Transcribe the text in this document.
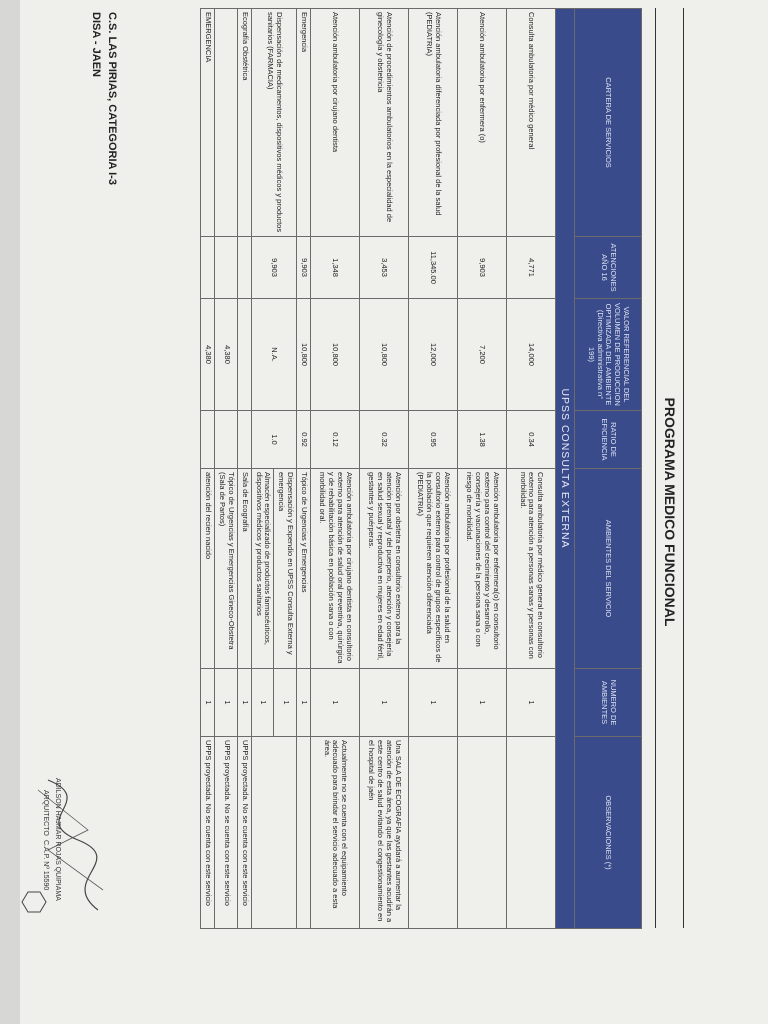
C.S. LAS PIRIAS, CATEGORIA I-3
DISA - JAEN
PROGRAMA MEDICO FUNCIONAL
CARTERA DE SERVICIOS	ATENCIONES AÑO 16	VALOR REFERENCIAL DEL VOLUMEN DE PRODUCCION OPTIMIZADA DEL AMBIENTE (Directiva administrativa n° 199)	RATIO DE EFICIENCIA	AMBIENTES DEL SERVICIO	NUMERO DE AMBIENTES	OBSERVACIONES (*)
UPSS CONSULTA EXTERNA						
Consulta ambulatoria por médico general	4,771	14,000	0.34	Consulta ambulatoria por médico general en consultorio externo para atención a personas sanas y personas con morbilidad.	1	
Atención ambulatoria por enfermera (o)	9,903	7,200	1.38	Atención ambulatoria por enfermera(o) en consultorio externo para control del crecimiento y desarrollo, consejería y vacunaciones de la persona sana o con riesgo de morbilidad.	1	
Atención ambulatoria diferenciada por profesional de la salud (PEDIATRIA)	11,345.00	12,000	0.95	Atención ambulatoria por profesional de la salud en consultorio externo para control de grupos específicos de la población que requieren atención diferenciada (PEDIATRIA)	1	
Atención de procedimientos ambulatorios en la especialidad de ginecología y obstetricia	3,453	10,800	0.32	Atención por obstetra en consultorio externo para la atención prenatal y del puerperio, atención y consejería en salud sexual y reproductiva en mujeres en edad fértil, gestantes y puérperas.	1	Una SALA DE ECOGRAFIA ayudará a aumentar la atención de esta área, ya que las gestantes acudirán a este centro de salud evitando el congestionamiento en el hospital de jaén
Atención ambulatoria por cirujano dentista	1,348	10,800	0.12	Atención ambulatoria por cirujano dentista en consultorio externo para atención de salud oral preventiva, quirúrgica y de rehabilitación básica en población sana o con morbilidad oral.	1	Actualmente no se cuenta con el equipamiento adecuado para brindar el servicio adecuado a esta área.
Emergencia	9,903	10,800	0.92	Tópico de Urgencias y Emergencias	1	
Dispensación de medicamentos, dispositivos médicos y productos sanitarios (FARMACIA)	9,903	N.A.	1.0	Dispensación y Expendio en UPSS Consulta Externa y emergencia	1	
				Almacén especializado de productos farmacéuticos, dispositivos médicos y productos sanitarios	1	
Ecografía Obstétrica				Sala de Ecografía	1	UPPS proyectada. No se cuenta con este servicio
		4,380		Tópico de Urgencias y Emergencias Gineco-Obstetra (Sala de Partos)	1	UPPS proyectada. No se cuenta con este servicio
EMERGENCIA		4,380		atención del recien nacido	1	UPPS proyectada. No se cuenta con este servicio
ADILSON HAJMAR ROJAS QUIPIAMA
ARQUITECTO
C.A.P. Nº 15590
